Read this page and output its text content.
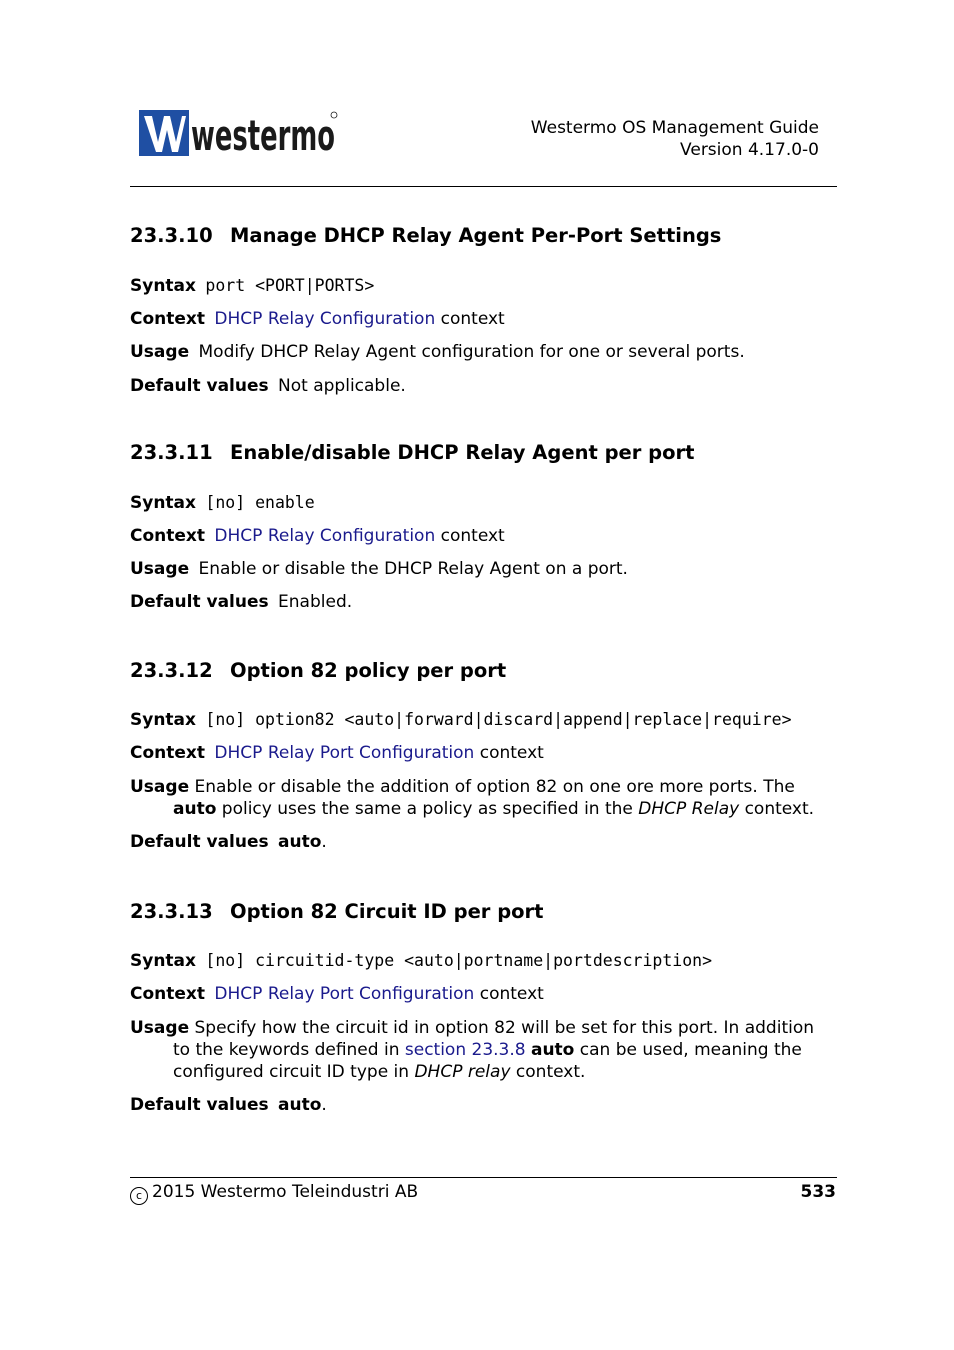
westermo	Westermo OS Management Guide
Version 4.17.0-0
23.3.10 Manage DHCP Relay Agent Per-Port Settings

Syntax port <PORT|PORTS>

Context DHCP Relay Configuration context

Usage Modify DHCP Relay Agent configuration for one or several ports.

Default values Not applicable.

23.3.11 Enable/disable DHCP Relay Agent per port

Syntax [no] enable

Context DHCP Relay Configuration context

Usage Enable or disable the DHCP Relay Agent on a port.

Default values Enabled.

23.3.12 Option 82 policy per port

Syntax [no] option82 <auto|forward|discard|append|replace|require>

Context DHCP Relay Port Configuration context

Usage Enable or disable the addition of option 82 on one ore more ports. The
auto policy uses the same a policy as specified in the DHCP Relay context.

Default values auto.

23.3.13 Option 82 Circuit ID per port

Syntax [no] circuitid-type <auto|portname|portdescription>

Context DHCP Relay Port Configuration context

Usage Specify how the circuit id in option 82 will be set for this port. In addition
to the keywords defined in section 23.3.8 auto can be used, meaning the
configured circuit ID type in DHCP relay context.

Default values auto.

c 2015 Westermo Teleindustri AB	533
